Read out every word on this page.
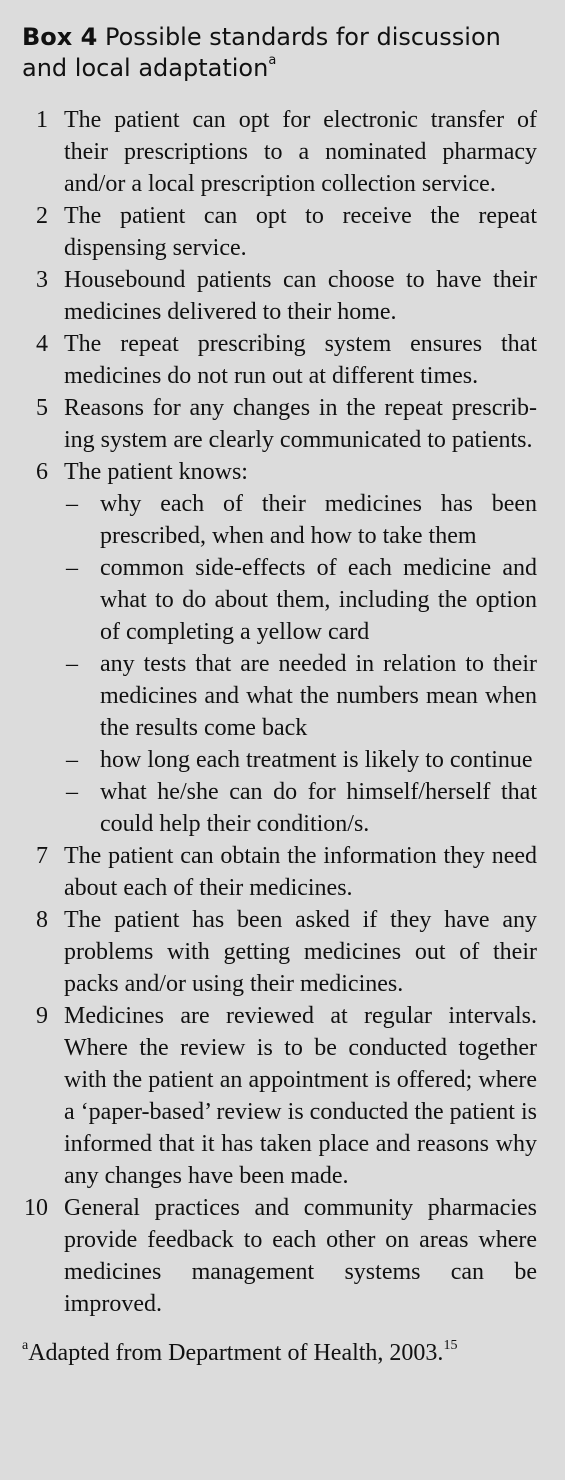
Box 4 Possible standards for discussion and local adaptation$^a$
1 The patient can opt for electronic transfer of their prescriptions to a nominated pharmacy and/or a local prescription collection service.
2 The patient can opt to receive the repeat dispensing service.
3 Housebound patients can choose to have their medicines delivered to their home.
4 The repeat prescribing system ensures that medicines do not run out at different times.
5 Reasons for any changes in the repeat prescribing system are clearly communicated to patients.
6 The patient knows:
– why each of their medicines has been prescribed, when and how to take them
– common side-effects of each medicine and what to do about them, including the option of completing a yellow card
– any tests that are needed in relation to their medicines and what the numbers mean when the results come back
– how long each treatment is likely to continue
– what he/she can do for himself/herself that could help their condition/s.
7 The patient can obtain the information they need about each of their medicines.
8 The patient has been asked if they have any problems with getting medicines out of their packs and/or using their medicines.
9 Medicines are reviewed at regular intervals. Where the review is to be conducted together with the patient an appointment is offered; where a ‘paper-based’ review is conducted the patient is informed that it has taken place and reasons why any changes have been made.
10 General practices and community pharmacies provide feedback to each other on areas where medicines management systems can be improved.
$^a$Adapted from Department of Health, 2003.15
